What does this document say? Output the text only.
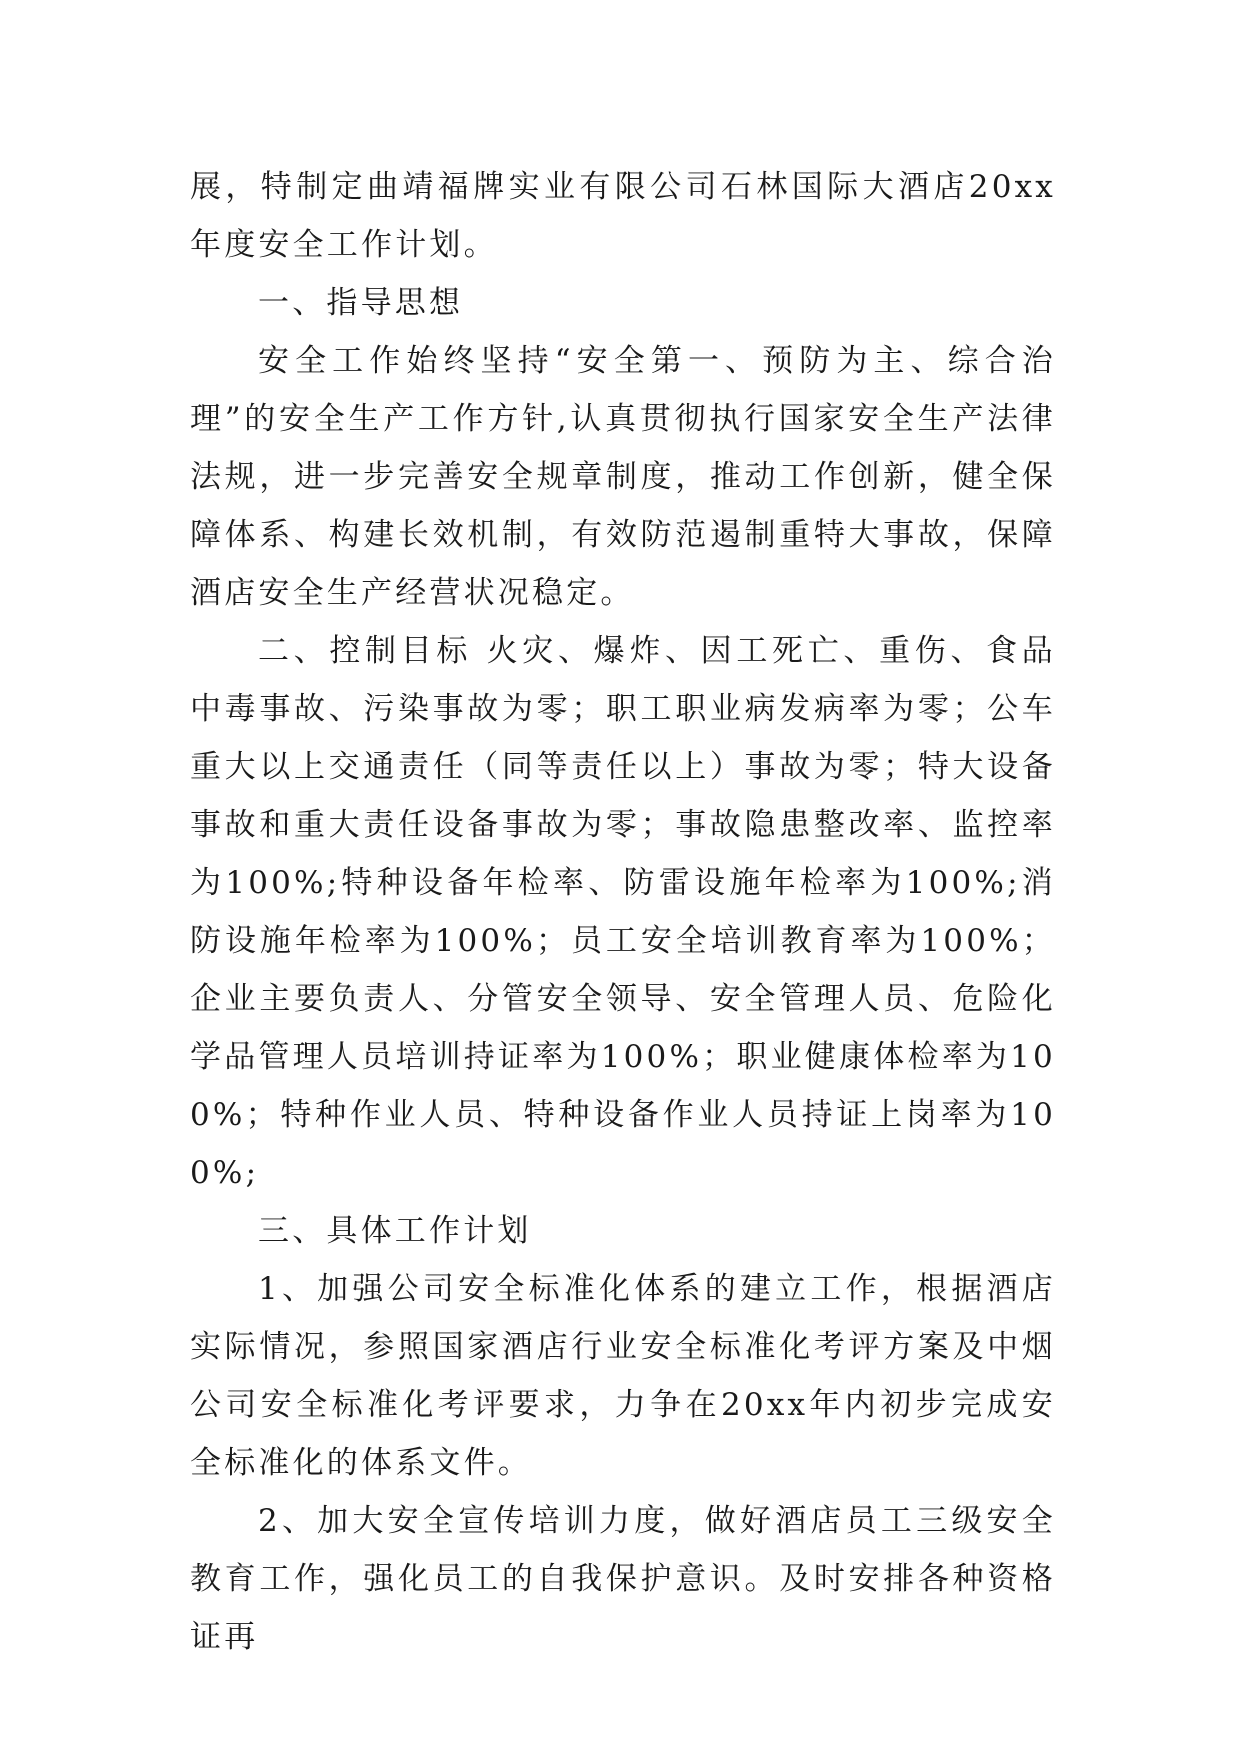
展，特制定曲靖福牌实业有限公司石林国际大酒店20xx年度安全工作计划。

一、指导思想

安全工作始终坚持“安全第一、预防为主、综合治理”的安全生产工作方针,认真贯彻执行国家安全生产法律法规，进一步完善安全规章制度，推动工作创新，健全保障体系、构建长效机制，有效防范遏制重特大事故，保障酒店安全生产经营状况稳定。

二、控制目标 火灾、爆炸、因工死亡、重伤、食品中毒事故、污染事故为零；职工职业病发病率为零；公车重大以上交通责任（同等责任以上）事故为零；特大设备事故和重大责任设备事故为零；事故隐患整改率、监控率为100%;特种设备年检率、防雷设施年检率为100%;消防设施年检率为100%；员工安全培训教育率为100%；企业主要负责人、分管安全领导、安全管理人员、危险化学品管理人员培训持证率为100%；职业健康体检率为100%；特种作业人员、特种设备作业人员持证上岗率为100%;

三、具体工作计划

1、加强公司安全标准化体系的建立工作，根据酒店实际情况，参照国家酒店行业安全标准化考评方案及中烟公司安全标准化考评要求，力争在20xx年内初步完成安全标准化的体系文件。

2、加大安全宣传培训力度，做好酒店员工三级安全教育工作，强化员工的自我保护意识。及时安排各种资格证再
